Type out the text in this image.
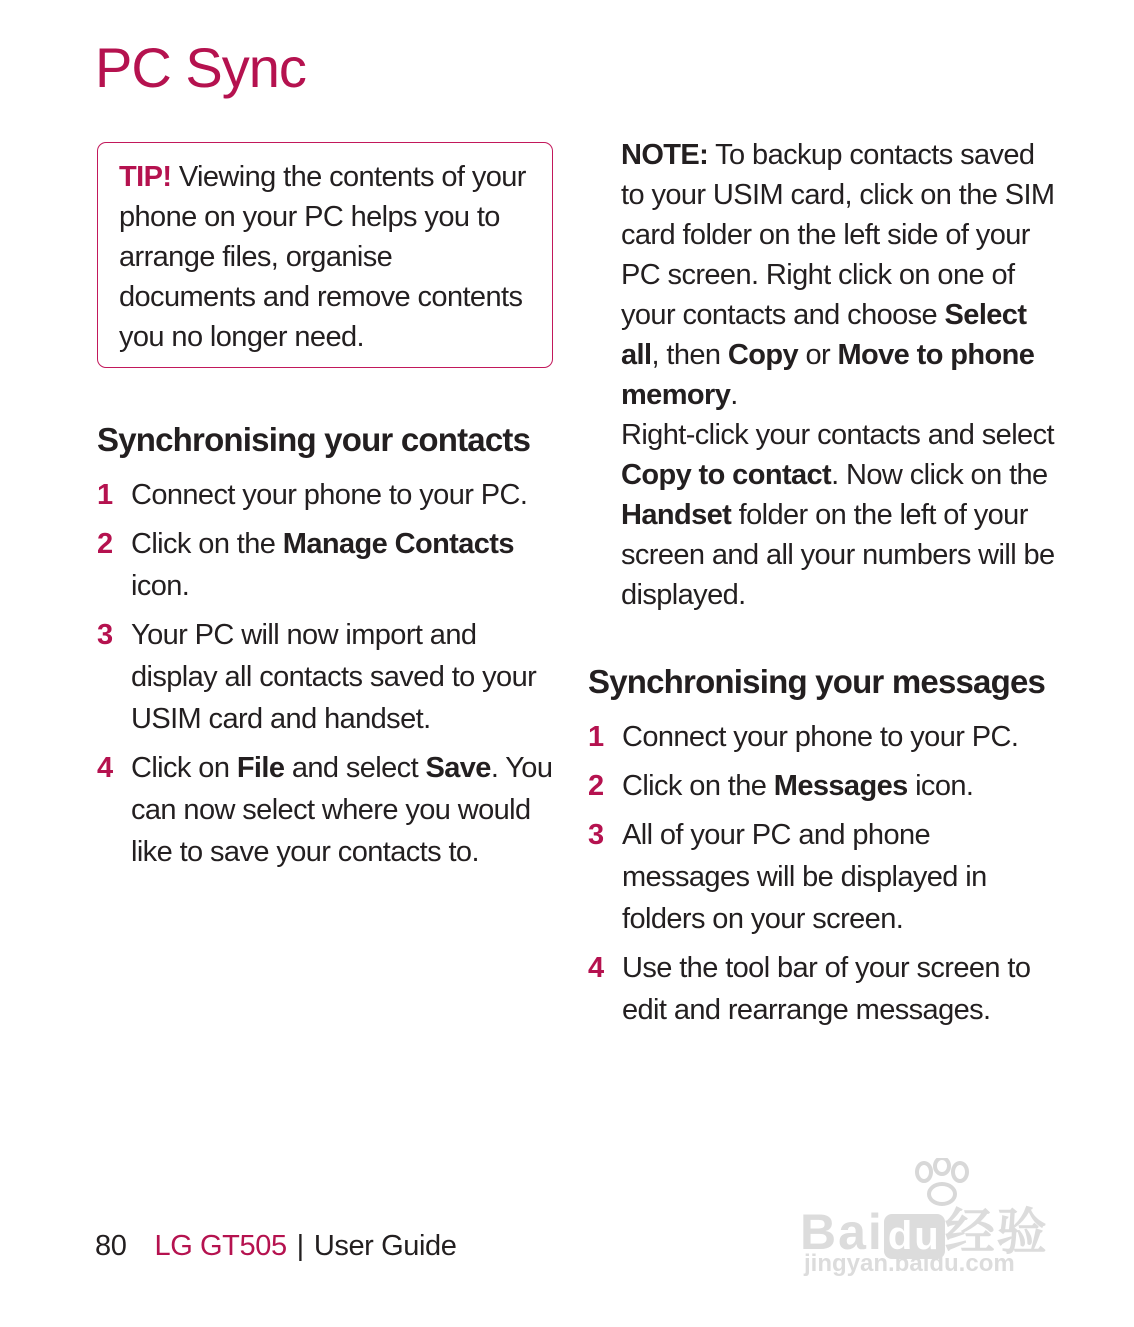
PC Sync
TIP! Viewing the contents of your phone on your PC helps you to arrange files, organise documents and remove contents you no longer need.
Synchronising your contacts
1 Connect your phone to your PC.
2 Click on the Manage Contacts icon.
3 Your PC will now import and display all contacts saved to your USIM card and handset.
4 Click on File and select Save. You can now select where you would like to save your contacts to.

NOTE: To backup contacts saved to your USIM card, click on the SIM card folder on the left side of your PC screen. Right click on one of your contacts and choose Select all, then Copy or Move to phone memory.

Right-click your contacts and select Copy to contact. Now click on the Handset folder on the left of your screen and all your numbers will be displayed.

Synchronising your messages
1 Connect your phone to your PC.
2 Click on the Messages icon.
3 All of your PC and phone messages will be displayed in folders on your screen.
4 Use the tool bar of your screen to edit and rearrange messages.
Bai du经验
jingyan.baidu.com
80 LG GT505 | User Guide
